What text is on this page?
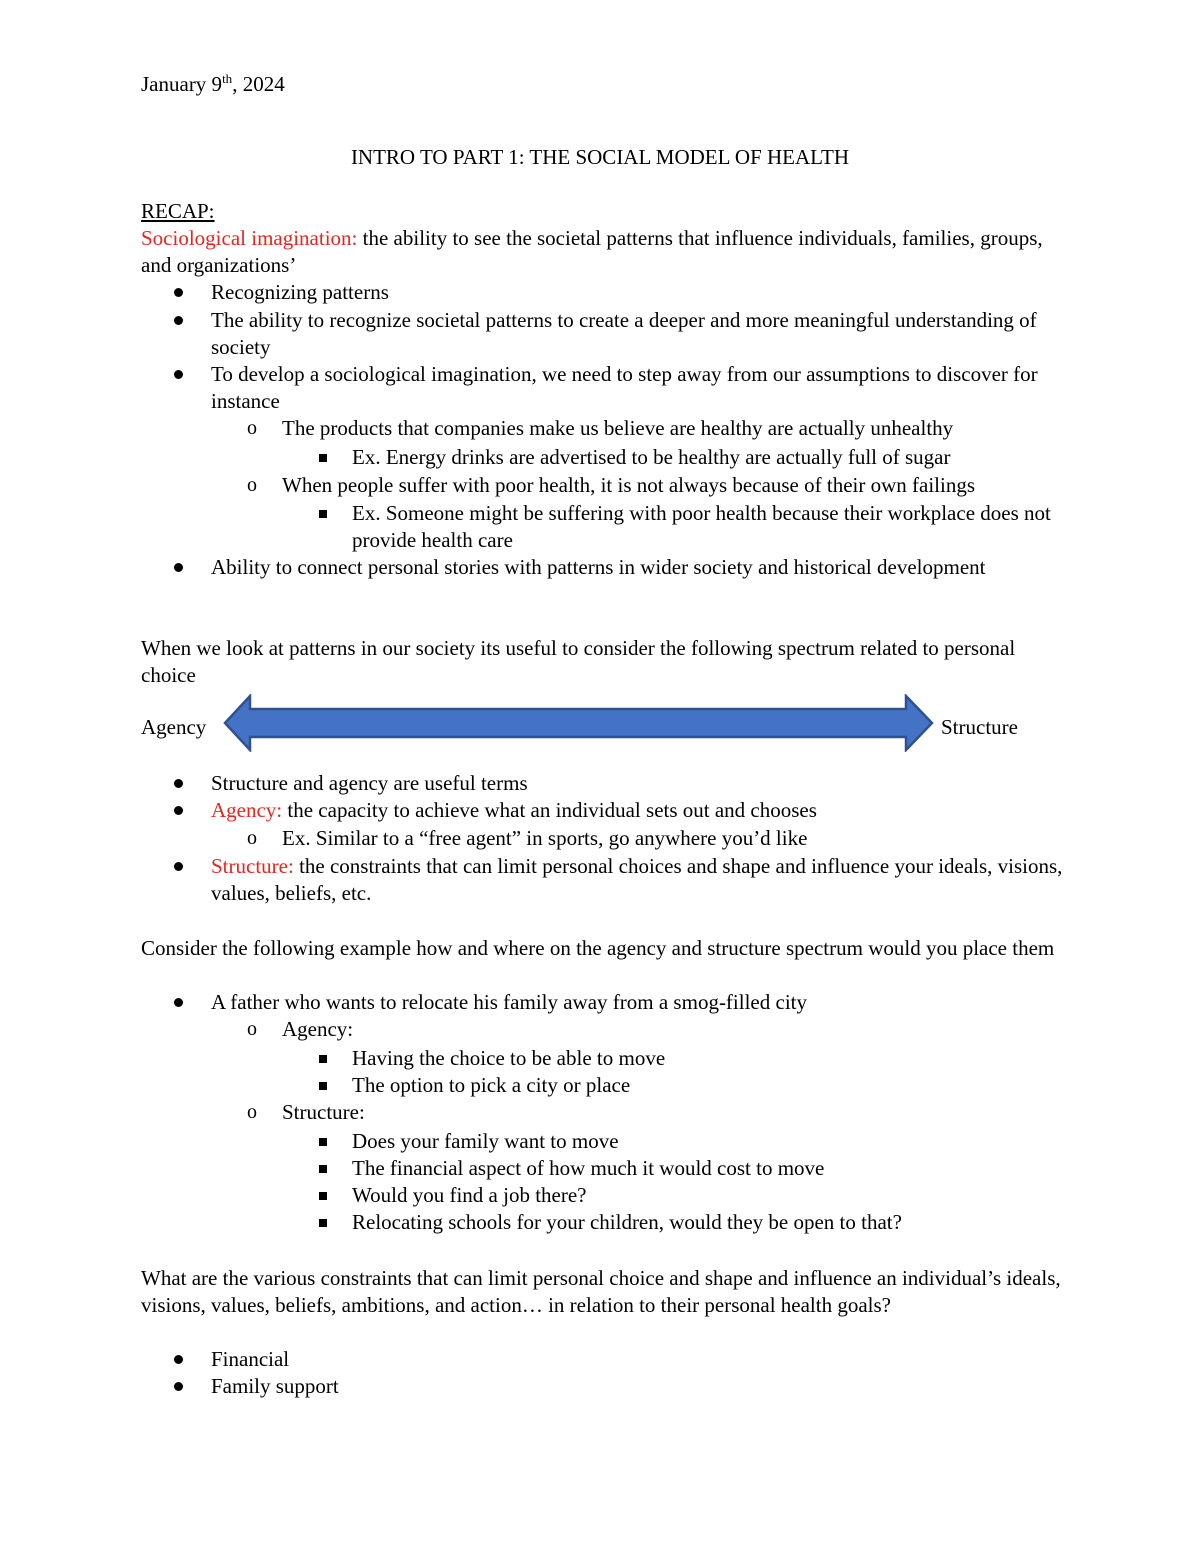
January 9th, 2024

INTRO TO PART 1: THE SOCIAL MODEL OF HEALTH

RECAP:

Sociological imagination: the ability to see the societal patterns that influence individuals, families, groups, and organizations’

Recognizing patterns
The ability to recognize societal patterns to create a deeper and more meaningful understanding of society
To develop a sociological imagination, we need to step away from our assumptions to discover for instance
o The products that companies make us believe are healthy are actually unhealthy
Ex. Energy drinks are advertised to be healthy are actually full of sugar
o When people suffer with poor health, it is not always because of their own failings
Ex. Someone might be suffering with poor health because their workplace does not provide health care
Ability to connect personal stories with patterns in wider society and historical development

When we look at patterns in our society its useful to consider the following spectrum related to personal choice

Agency	Structure
Structure and agency are useful terms
Agency: the capacity to achieve what an individual sets out and chooses
o Ex. Similar to a “free agent” in sports, go anywhere you’d like
Structure: the constraints that can limit personal choices and shape and influence your ideals, visions, values, beliefs, etc.

Consider the following example how and where on the agency and structure spectrum would you place them

A father who wants to relocate his family away from a smog-filled city
o Agency:
Having the choice to be able to move
The option to pick a city or place
o Structure:
Does your family want to move
The financial aspect of how much it would cost to move
Would you find a job there?
Relocating schools for your children, would they be open to that?

What are the various constraints that can limit personal choice and shape and influence an individual’s ideals, visions, values, beliefs, ambitions, and action… in relation to their personal health goals?

Financial
Family support
